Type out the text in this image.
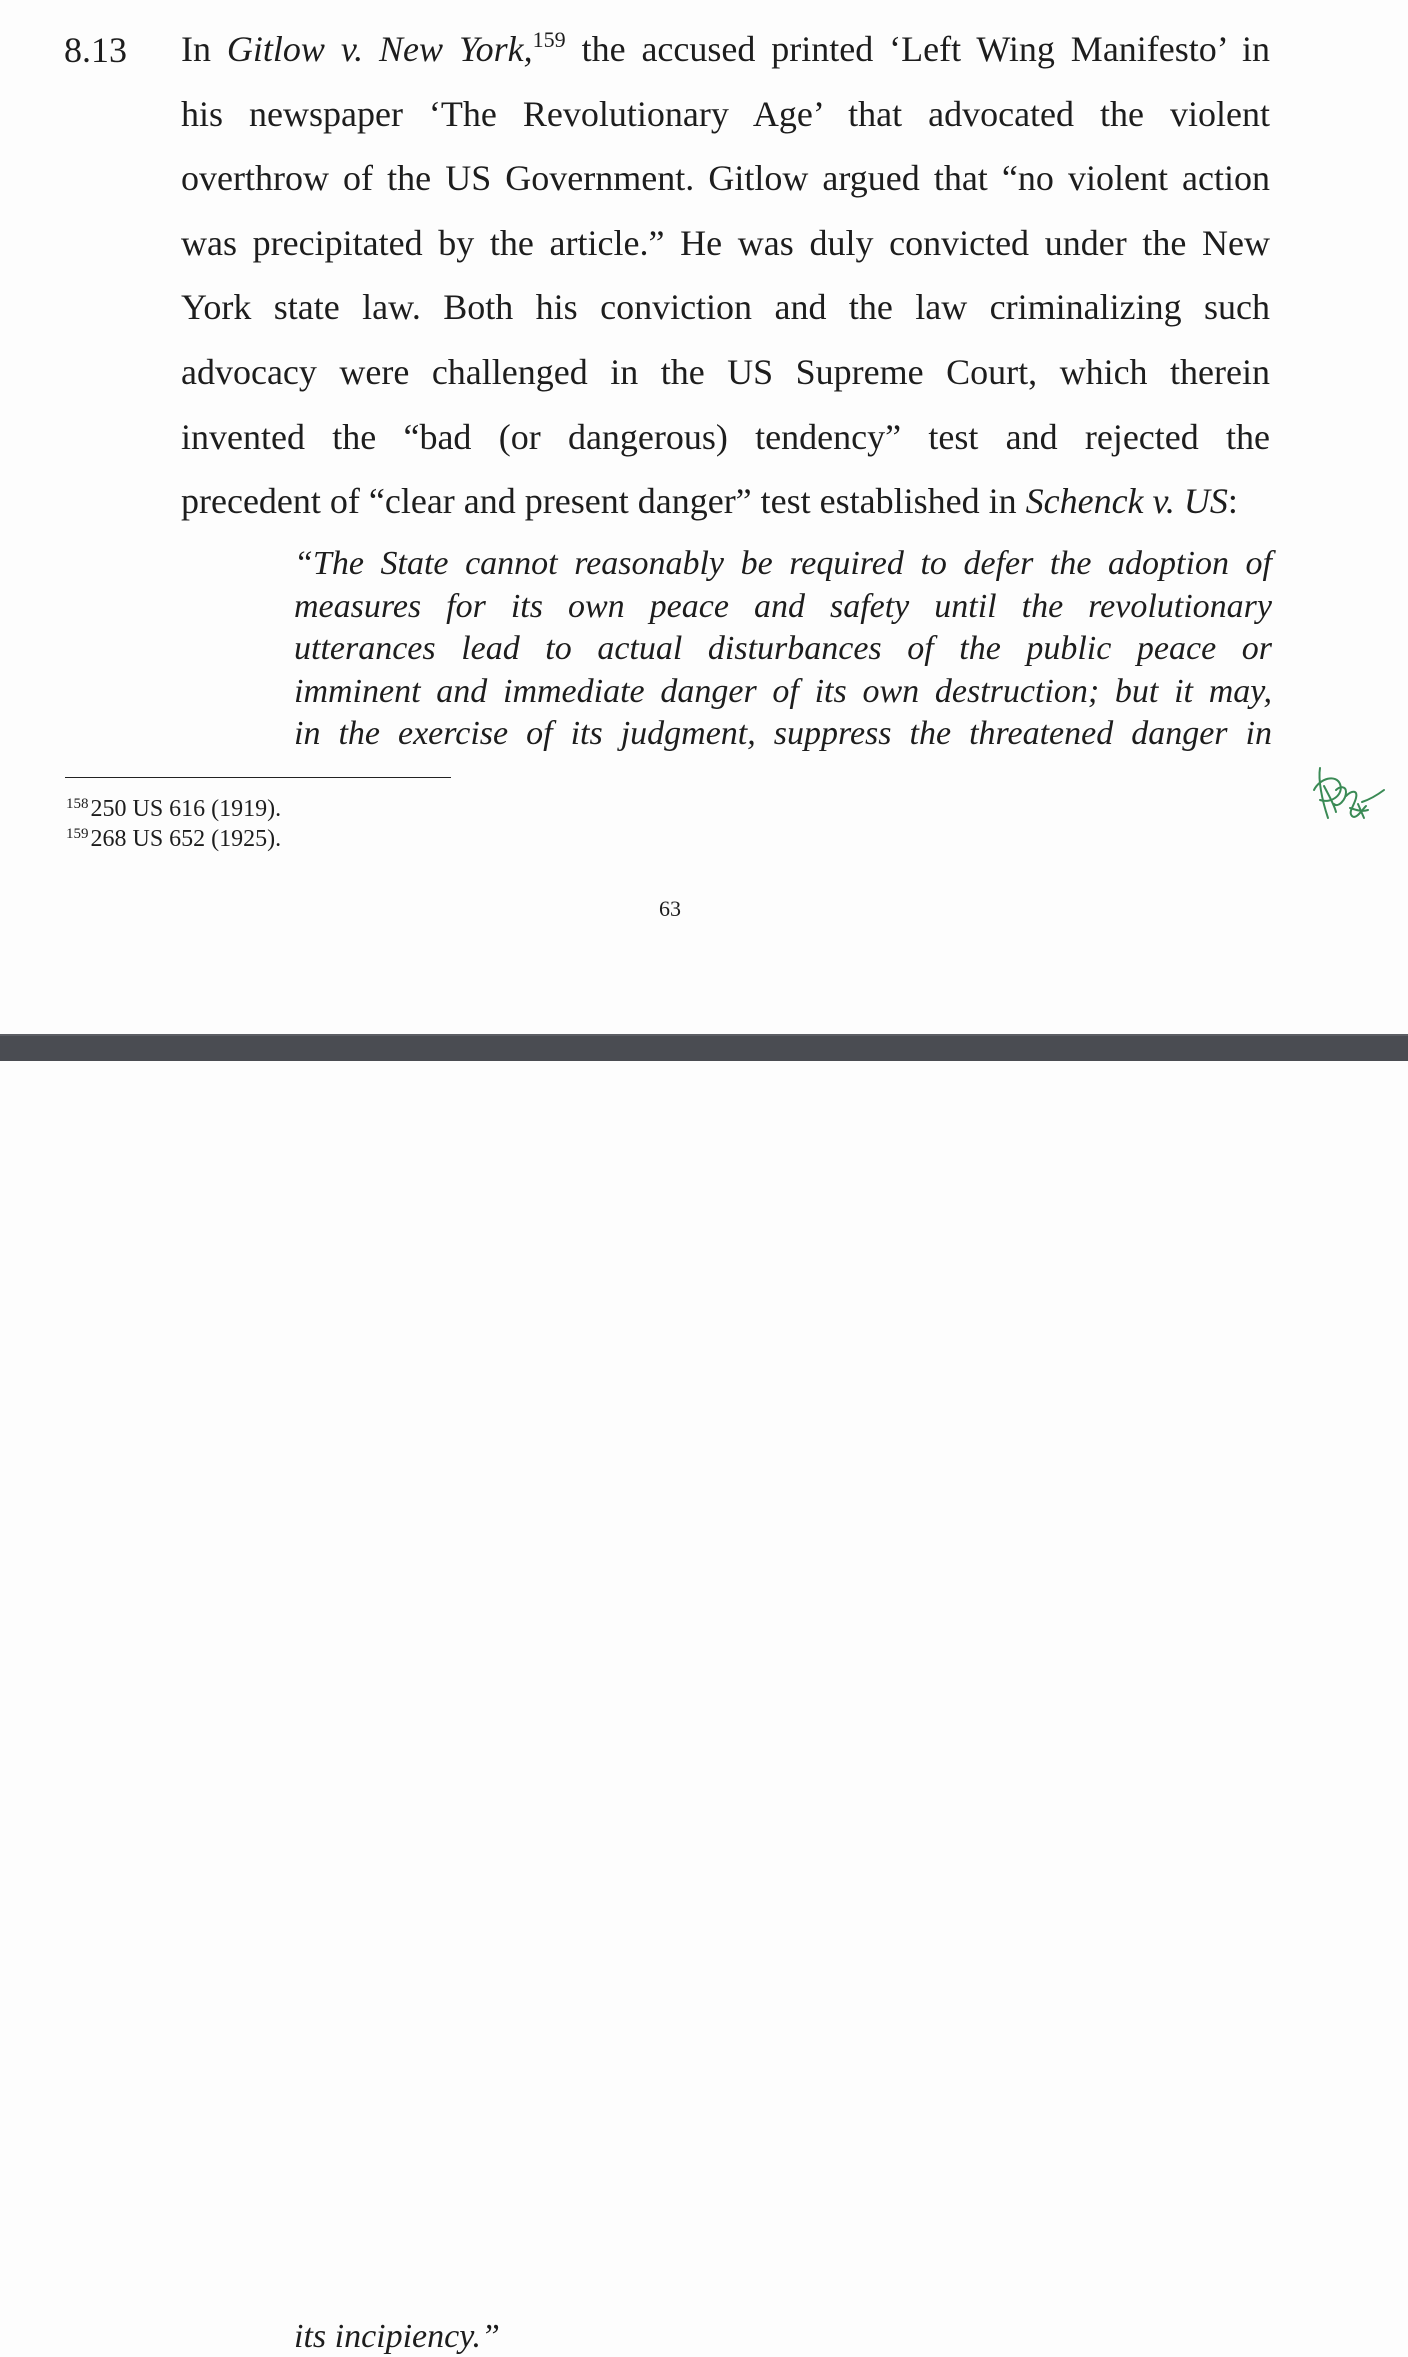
8.13 In Gitlow v. New York,$^{159}$ the accused printed ‘Left Wing Manifesto’ in
his newspaper ‘The Revolutionary Age’ that advocated the violent
overthrow of the US Government. Gitlow argued that “no violent action
was precipitated by the article.” He was duly convicted under the New
York state law. Both his conviction and the law criminalizing such
advocacy were challenged in the US Supreme Court, which therein
invented the “bad (or dangerous) tendency” test and rejected the
precedent of “clear and present danger” test established in Schenck v. US:
“The State cannot reasonably be required to defer the adoption of
measures for its own peace and safety until the revolutionary
utterances lead to actual disturbances of the public peace or
imminent and immediate danger of its own destruction; but it may,
in the exercise of its judgment, suppress the threatened danger in
$^{158}$250 US 616 (1919).
$^{159}$268 US 652 (1925).
63
its incipiency.”
